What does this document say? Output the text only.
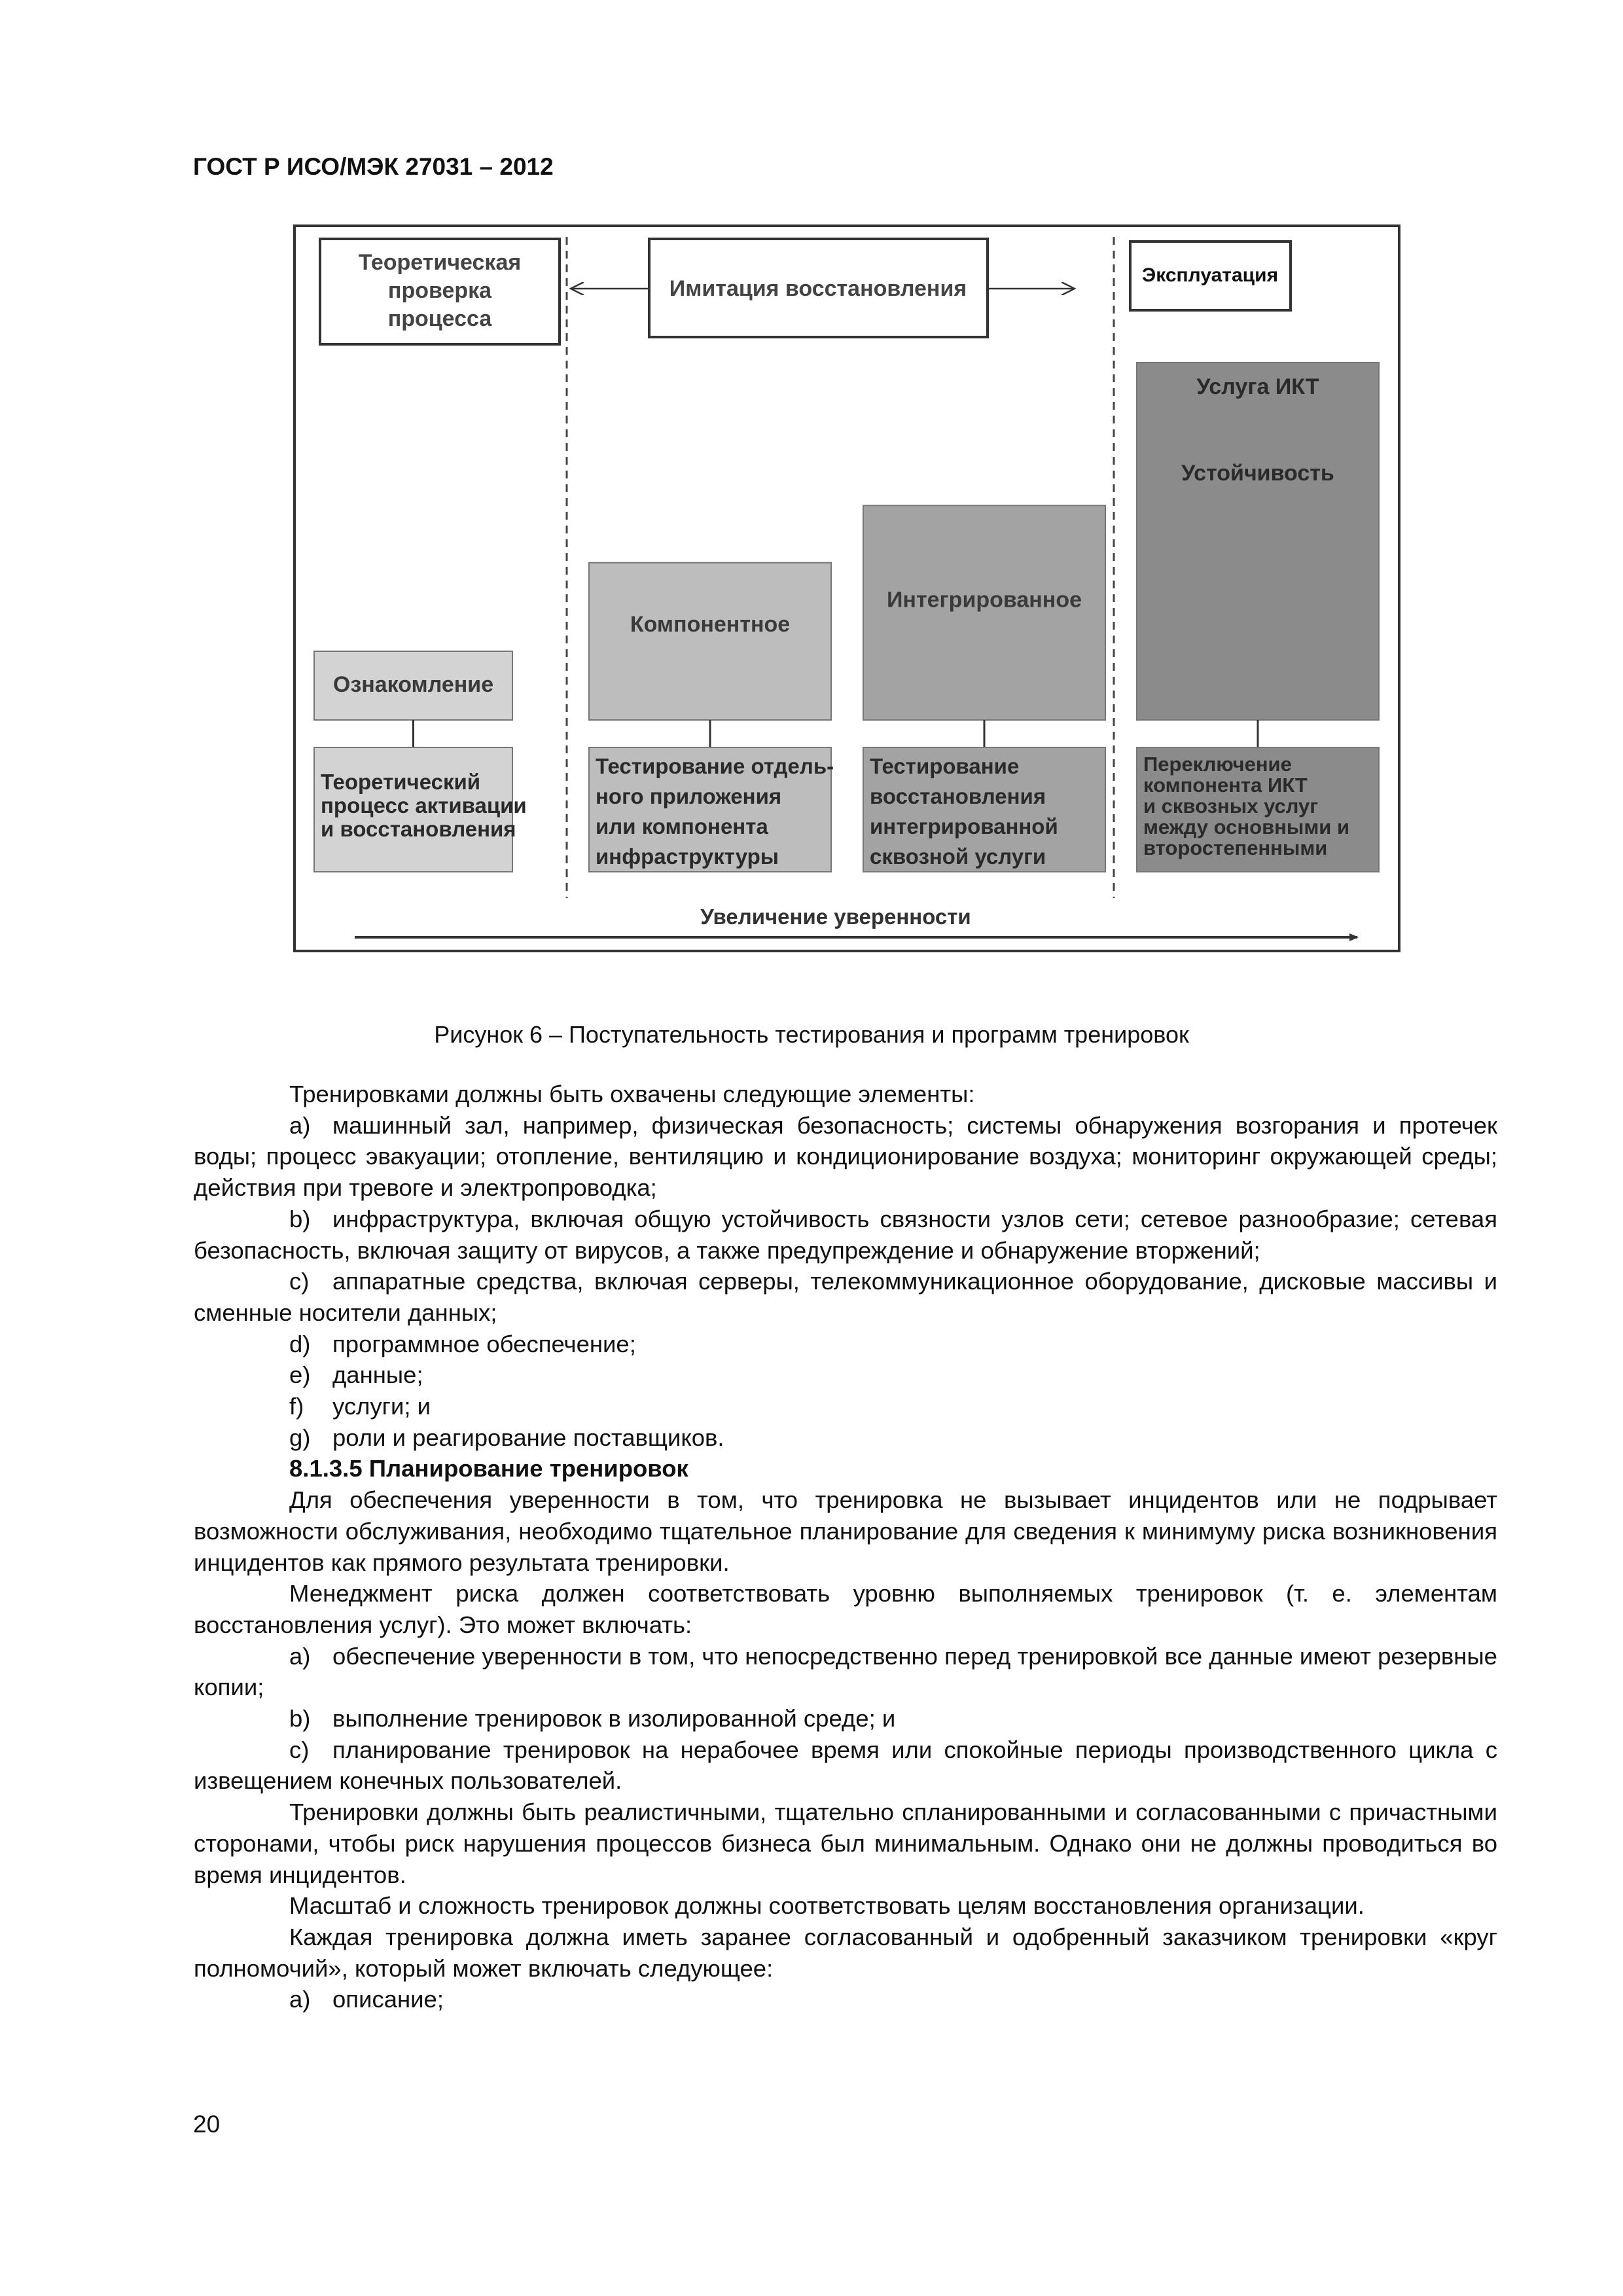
ГОСТ Р ИСО/МЭК 27031 – 2012
Теоретическая проверка процесса
Имитация восстановления
Эксплуатация
Ознакомление
Теоретический
процесс активации
и восстановления
Компонентное
Тестирование отдель-
ного приложения
или компонента
инфраструктуры
Интегрированное
Тестирование
восстановления
интегрированной
сквозной услуги
Услуга ИКТ
Устойчивость
Переключение
компонента ИКТ
и сквозных услуг
между основными и
второстепенными
Увеличение уверенности
Рисунок 6 – Поступательность тестирования и программ тренировок

Тренировками должны быть охвачены следующие элементы:

a) машинный зал, например, физическая безопасность; системы обнаружения возгорания и протечек воды; процесс эвакуации; отопление, вентиляцию и кондиционирование воздуха; мониторинг окружающей среды; действия при тревоге и электропроводка;

b) инфраструктура, включая общую устойчивость связности узлов сети; сетевое разнообразие; сетевая безопасность, включая защиту от вирусов, а также предупреждение и обнаружение вторжений;

c) аппаратные средства, включая серверы, телекоммуникационное оборудование, дисковые массивы и сменные носители данных;

d) программное обеспечение;

e) данные;

f) услуги; и

g) роли и реагирование поставщиков.

8.1.3.5 Планирование тренировок

Для обеспечения уверенности в том, что тренировка не вызывает инцидентов или не подрывает возможности обслуживания, необходимо тщательное планирование для сведения к минимуму риска возникновения инцидентов как прямого результата тренировки.

Менеджмент риска должен соответствовать уровню выполняемых тренировок (т. е. элементам восстановления услуг). Это может включать:

a) обеспечение уверенности в том, что непосредственно перед тренировкой все данные имеют резервные копии;

b) выполнение тренировок в изолированной среде; и

c) планирование тренировок на нерабочее время или спокойные периоды производственного цикла с извещением конечных пользователей.

Тренировки должны быть реалистичными, тщательно спланированными и согласованными с причастными сторонами, чтобы риск нарушения процессов бизнеса был минимальным. Однако они не должны проводиться во время инцидентов.

Масштаб и сложность тренировок должны соответствовать целям восстановления организации.

Каждая тренировка должна иметь заранее согласованный и одобренный заказчиком тренировки «круг полномочий», который может включать следующее:

a) описание;

20
